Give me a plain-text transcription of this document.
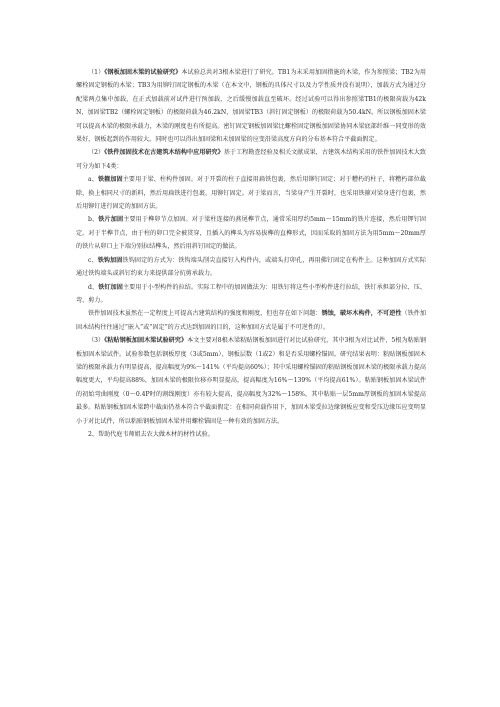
（1）《钢板加固木梁的试验研究》本试验总共对3根木梁进行了研究。TB1为未采用加固措施的木梁，作为参照梁；TB2为用螺栓固定钢板的木梁；TB3为用铆钉固定钢板的木梁（在本文中，钢板的具体尺寸以及力学性质并没有说明），加载方式为通过分配梁两点集中加载，在正式加载前对试件进行预加载，之后缓慢加载直至破坏。经过试验可以得出参照梁TB1的极限荷载为42kN，加固梁TB2（螺栓固定钢板）的极限荷载为46.2kN，加固梁TB3（斜钉固定钢板）的极限荷载为50.4kN。所以钢板加固木梁可以提高木梁的极限承载力，木梁的刚度也有所提高。密钉固定钢板加固梁比螺栓固定钢板加固梁协同木梁底部纤维一同变形的效果好，钢板起到的作用较大。同时也可以得出加固梁和未加固梁的应变沿梁高度方向的分布基本符合平截面假定。

（2）《铁件加固技术在古建筑木结构中应用研究》基于工程勘查经验及相关文献成果，古建筑木结构采用的铁件加固技术大致可分为如下4类：

a、铁箍加固主要用于梁、柱构件加固。对于开裂的柱子直接用扁铁包裹，然后用铆钉固定；对于糟朽的柱子，将糟朽部位截除，换上相同尺寸的新料，然后用扁铁进行包裹，用铆钉固定。对于梁而言，当梁身产生开裂时，也采用铁箍对梁身进行包裹，然后用铆钉进行固定的加固方法。

b、铁片加固主要用于榫卯节点加固。对于梁柱连接的燕尾榫节点，通常采用厚约5mm～15mm的铁片连接，然后用钾钉固定。对于半榫节点，由于柱的卯口完全被贯穿，且插入的榫头为容易拔榫的直榫形式，因而采取的加固方法为用5mm～20mm厚的铁片从卯口上下端分别拉结榫头，然后用斜钉固定的做法。

c、铁钩加固铁钩固定的方式为：铁钩端头削尖直接钉入构件内，或端头打卯孔，再用佛钉固定在构件上。这种加固方式实际通过铁钩端头或斜钉约束力来提供部分抗剪承载力。

d、铁钉加固主要用于小型构件的拉结。实际工程中的加固做法为：用铁钉将这些小型构件进行拉结，铁钉承担部分拉、压、弯、剪力。

铁件加固技术虽然在一定程度上可提高古建筑结构的强度和刚度，但也存在如下问题：锈蚀，破坏木构件，不可逆性（铁件加固木结构往往通过“嵌入”或“固定”的方式达到加固的目的，这种加固方式是属于不可逆性的）。

（3）《粘贴钢板加固木梁试验研究》本文主要对8根木梁粘贴钢板加固进行对比试验研究，其中3根为对比试件，5根为粘贴钢板加固木梁试件。试验参数包括钢板厚度（3或5mm）、钢板层数（1或2）和是否采用螺栓锚固。研究结果表明：粘贴钢板加固木梁的极限承载力有明显提高，提高幅度为9%～141%（平均提高60%）；其中采用螺栓锚固的粘贴钢板加固木梁的极限承载力提高幅度更大，平均提高88%，加固木梁的极限位移亦明显提高，提高幅度为16%～139%（平均提高61%）。粘贴钢板加固木梁试件的初始弯曲刚度（0～0.4P时的割线刚度）亦有较大提高，提高幅度为32%～158%，其中粘贴一层5mm厚钢板的加固木梁提高最多。粘贴钢板加固木梁跨中截面仍基本符合平截面假定：在相同荷载作用下，加固木梁受拉边缘钢板应变和受压边缘压应变明显小于对比试件，所以粘贴钢板加固木梁并用螺栓锚固是一种有效的加固方法。

2、帮助代庭韦师姐去农大做木材的材性试验。
